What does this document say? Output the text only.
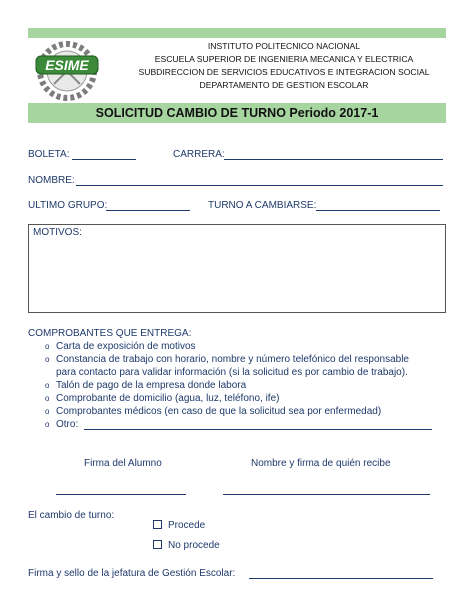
ESIME
INSTITUTO POLITECNICO NACIONAL
ESCUELA SUPERIOR DE INGENIERIA MECANICA Y ELECTRICA
SUBDIRECCION DE SERVICIOS EDUCATIVOS E INTEGRACION SOCIAL
DEPARTAMENTO DE GESTION ESCOLAR
SOLICITUD CAMBIO DE TURNO Periodo 2017-1
BOLETA:	CARRERA:
NOMBRE:
ULTIMO GRUPO:	TURNO A CAMBIARSE:
MOTIVOS:
COMPROBANTES QUE ENTREGA:
o Carta de exposición de motivos
o Constancia de trabajo con horario, nombre y número telefónico del responsable
para contacto para validar información (si la solicitud es por cambio de trabajo).
o Talón de pago de la empresa donde labora
o Comprobante de domicilio (agua, luz, teléfono, ife)
o Comprobantes médicos (en caso de que la solicitud sea por enfermedad)
o Otro:
Firma del Alumno	Nombre y firma de quién recibe
El cambio de turno:
Procede
No procede
Firma y sello de la jefatura de Gestión Escolar:
